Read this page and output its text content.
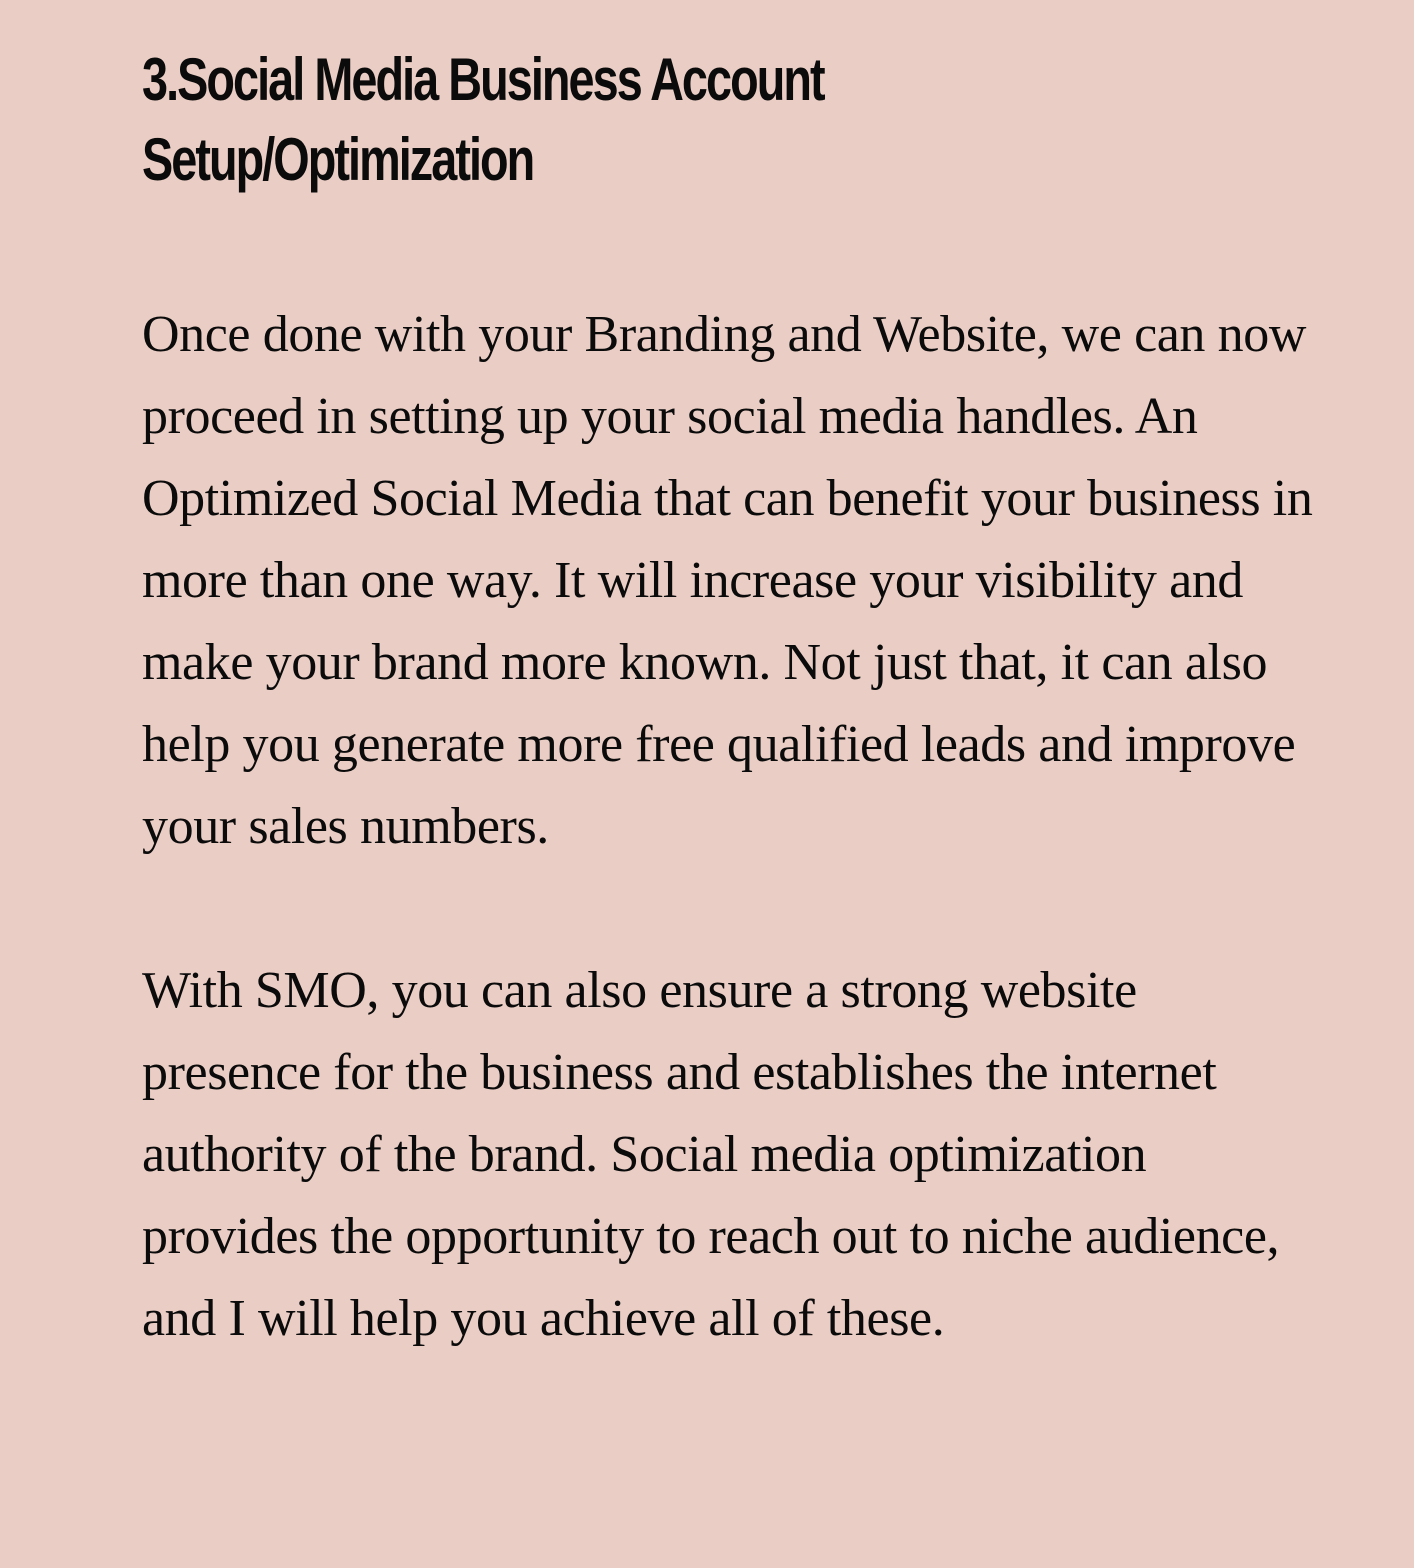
3.Social Media Business Account Setup/Optimization

Once done with your Branding and Website, we can now proceed in setting up your social media handles. An Optimized Social Media that can benefit your business in more than one way. It will increase your visibility and make your brand more known. Not just that, it can also help you generate more free qualified leads and improve your sales numbers.

With SMO, you can also ensure a strong website presence for the business and establishes the internet authority of the brand. Social media optimization provides the opportunity to reach out to niche audience, and I will help you achieve all of these.
